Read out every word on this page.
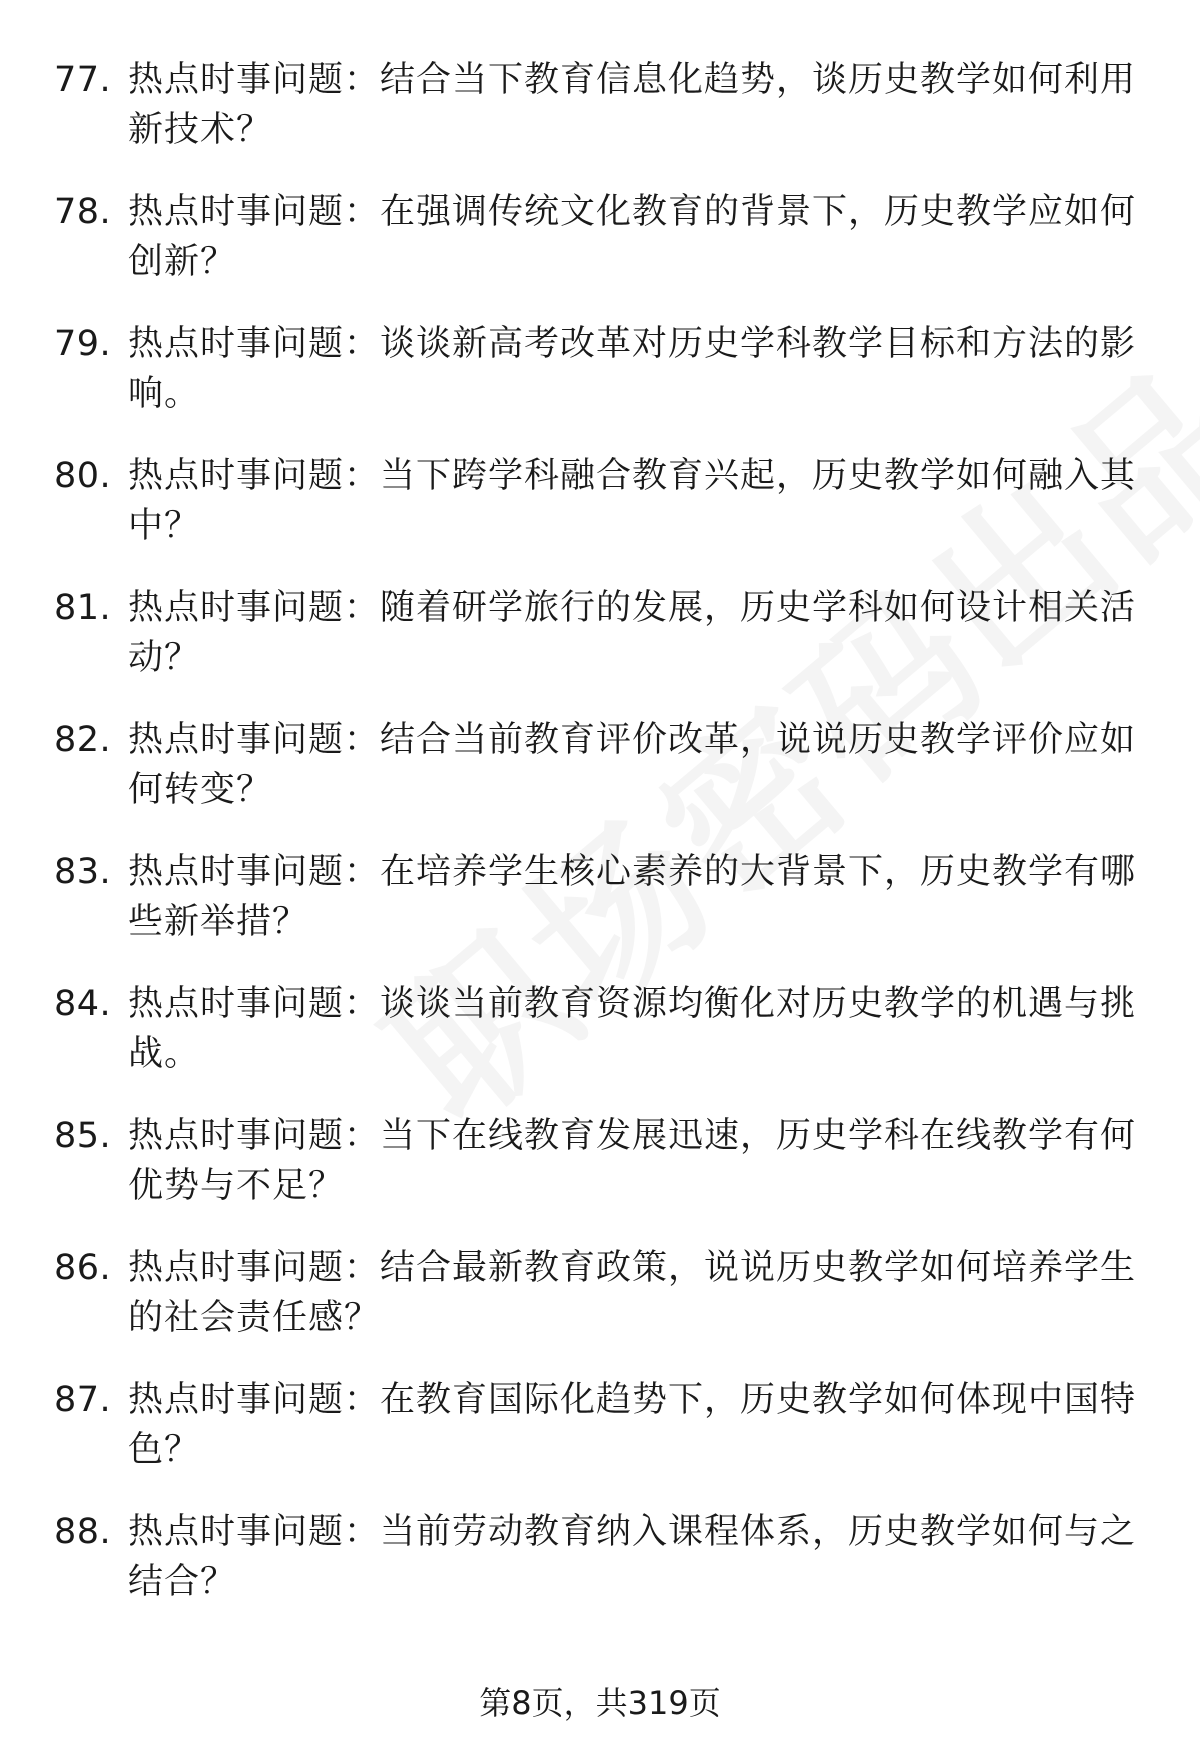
77. 热点时事问题：结合当下教育信息化趋势，谈历史教学如何利用新技术？
78. 热点时事问题：在强调传统文化教育的背景下，历史教学应如何创新？
79. 热点时事问题：谈谈新高考改革对历史学科教学目标和方法的影响。
80. 热点时事问题：当下跨学科融合教育兴起，历史教学如何融入其中？
81. 热点时事问题：随着研学旅行的发展，历史学科如何设计相关活动？
82. 热点时事问题：结合当前教育评价改革，说说历史教学评价应如何转变？
83. 热点时事问题：在培养学生核心素养的大背景下，历史教学有哪些新举措？
84. 热点时事问题：谈谈当前教育资源均衡化对历史教学的机遇与挑战。
85. 热点时事问题：当下在线教育发展迅速，历史学科在线教学有何优势与不足？
86. 热点时事问题：结合最新教育政策，说说历史教学如何培养学生的社会责任感？
87. 热点时事问题：在教育国际化趋势下，历史教学如何体现中国特色？
88. 热点时事问题：当前劳动教育纳入课程体系，历史教学如何与之结合？
第8页，共319页
